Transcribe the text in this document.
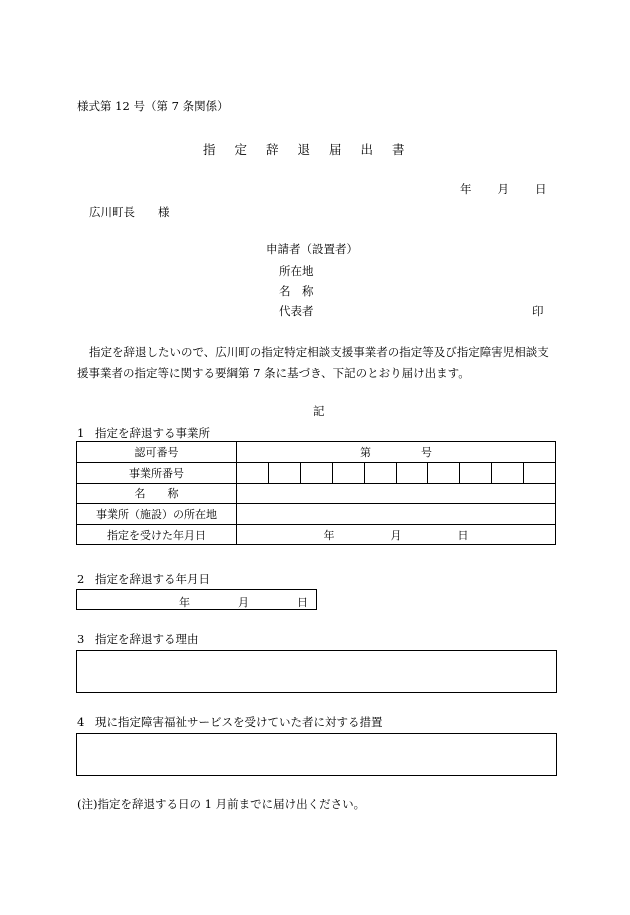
様式第 12 号（第 7 条関係）
指定辞退届出書
年 月 日
広川町長　　様
申請者（設置者）
所在地
名　称
代表者	印
指定を辞退したいので、広川町の指定特定相談支援事業者の指定等及び指定障害児相談支援事業者の指定等に関する要綱第 7 条に基づき、下記のとおり届け出ます。
記
1 指定を辞退する事業所
認可番号	第 号
事業所番号	

名　　称	
事業所（施設）の所在地	
指定を受けた年月日	年 月 日
2 指定を辞退する年月日
年	月	日
3 指定を辞退する理由
4 現に指定障害福祉サービスを受けていた者に対する措置
(注)指定を辞退する日の 1 月前までに届け出ください。
